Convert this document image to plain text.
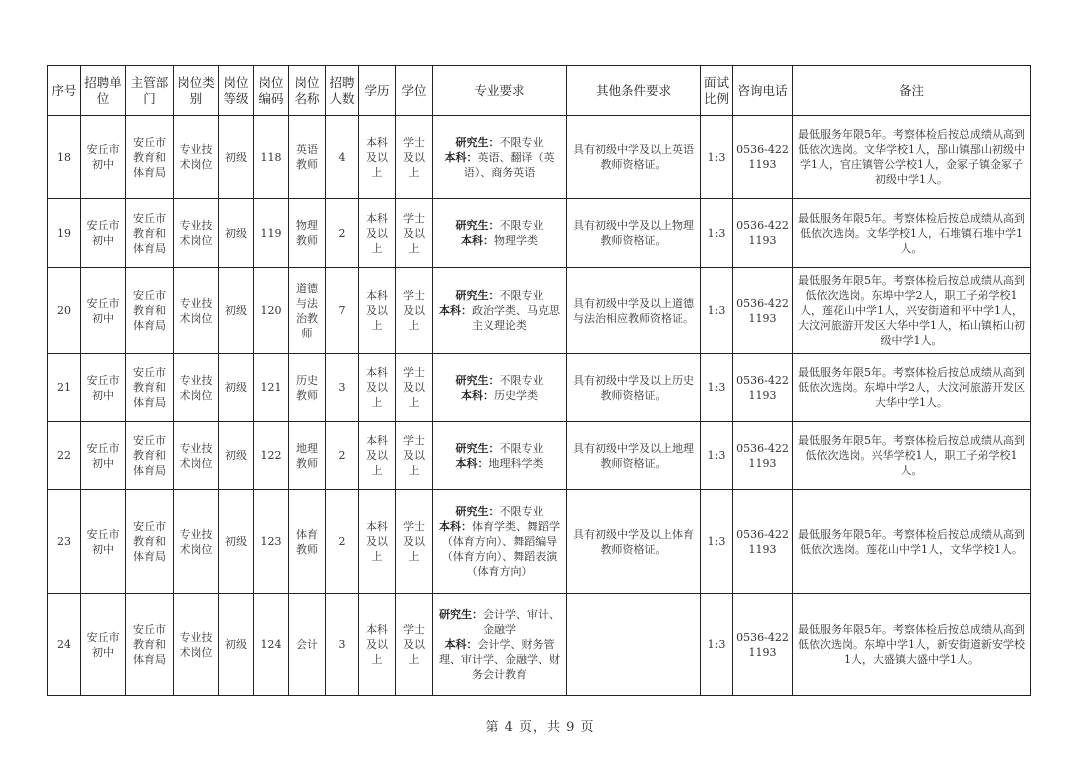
序号	招聘单位	主管部门	岗位类别	岗位等级	岗位编码	岗位名称	招聘人数	学历	学位	专业要求	其他条件要求	面试比例	咨询电话	备注
18	安丘市初中	安丘市教育和体育局	专业技术岗位	初级	118	英语教师	4	本科及以上	学士及以上	研究生：不限专业
本科：英语、翻译（英语）、商务英语	具有初级中学及以上英语教师资格证。	1:3	0536-4221193	最低服务年限5年。考察体检后按总成绩从高到低依次选岗。文华学校1人，郚山镇郚山初级中学1人，官庄镇管公学校1人，金冢子镇金冢子初级中学1人。
19	安丘市初中	安丘市教育和体育局	专业技术岗位	初级	119	物理教师	2	本科及以上	学士及以上	研究生：不限专业
本科：物理学类	具有初级中学及以上物理教师资格证。	1:3	0536-4221193	最低服务年限5年。考察体检后按总成绩从高到低依次选岗。文华学校1人，石堆镇石堆中学1人。
20	安丘市初中	安丘市教育和体育局	专业技术岗位	初级	120	道德与法治教师	7	本科及以上	学士及以上	研究生：不限专业
本科：政治学类、马克思主义理论类	具有初级中学及以上道德与法治相应教师资格证。	1:3	0536-4221193	最低服务年限5年。考察体检后按总成绩从高到低依次选岗。东埠中学2人，职工子弟学校1人，莲花山中学1人，兴安街道和平中学1人，大汶河旅游开发区大华中学1人，柘山镇柘山初级中学1人。
21	安丘市初中	安丘市教育和体育局	专业技术岗位	初级	121	历史教师	3	本科及以上	学士及以上	研究生：不限专业
本科：历史学类	具有初级中学及以上历史教师资格证。	1:3	0536-4221193	最低服务年限5年。考察体检后按总成绩从高到低依次选岗。东埠中学2人，大汶河旅游开发区大华中学1人。
22	安丘市初中	安丘市教育和体育局	专业技术岗位	初级	122	地理教师	2	本科及以上	学士及以上	研究生：不限专业
本科：地理科学类	具有初级中学及以上地理教师资格证。	1:3	0536-4221193	最低服务年限5年。考察体检后按总成绩从高到低依次选岗。兴华学校1人，职工子弟学校1人。
23	安丘市初中	安丘市教育和体育局	专业技术岗位	初级	123	体育教师	2	本科及以上	学士及以上	研究生：不限专业
本科：体育学类、舞蹈学（体育方向）、舞蹈编导（体育方向）、舞蹈表演（体育方向）	具有初级中学及以上体育教师资格证。	1:3	0536-4221193	最低服务年限5年。考察体检后按总成绩从高到低依次选岗。莲花山中学1人，文华学校1人。
24	安丘市初中	安丘市教育和体育局	专业技术岗位	初级	124	会计	3	本科及以上	学士及以上	研究生：会计学、审计、金融学
本科：会计学、财务管理、审计学、金融学、财务会计教育		1:3	0536-4221193	最低服务年限5年。考察体检后按总成绩从高到低依次选岗。东埠中学1人，新安街道新安学校1人，大盛镇大盛中学1人。
第 4 页，共 9 页
